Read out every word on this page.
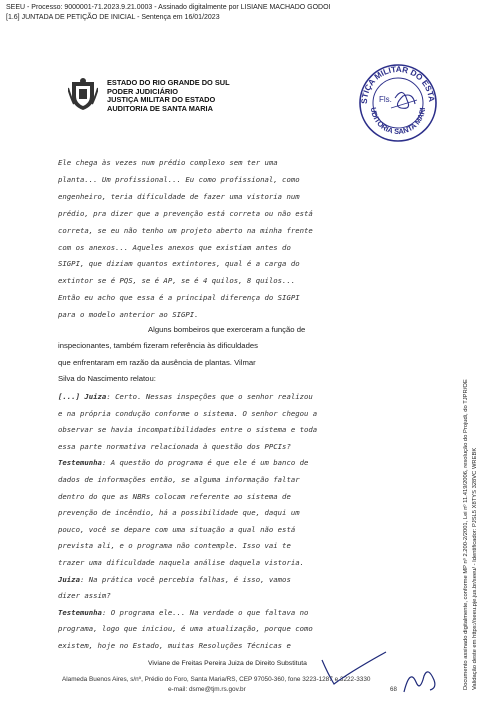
SEEU - Processo: 9000001-71.2023.9.21.0003 - Assinado digitalmente por LISIANE MACHADO GODOI
[1.6] JUNTADA DE PETIÇÃO DE INICIAL - Sentença em 16/01/2023
ESTADO DO RIO GRANDE DO SUL
PODER JUDICIÁRIO
JUSTIÇA MILITAR DO ESTADO
AUDITORIA DE SANTA MARIA
STIÇA MILITAR DO ESTA
UDITORIA SANTA MARI
Fls.
Ele chega às vezes num prédio complexo sem ter uma
planta... Um profissional... Eu como profissional, como
engenheiro, teria dificuldade de fazer uma vistoria num
prédio, pra dizer que a prevenção está correta ou não está
correta, se eu não tenho um projeto aberto na minha frente
com os anexos... Aqueles anexos que existiam antes do
SIGPI, que diziam quantos extintores, qual é a carga do
extintor se é PQS, se é AP, se é 4 quilos, 8 quilos...
Então eu acho que essa é a principal diferença do SIGPI
para o modelo anterior ao SIGPI.
Alguns bombeiros que exerceram a função de
inspecionantes, também fizeram referência às dificuldades
que enfrentaram em razão da ausência de plantas. Vilmar
Silva do Nascimento relatou:
[...] Juiza: Certo. Nessas inspeções que o senhor realizou
e na própria condução conforme o sistema. O senhor chegou a
observar se havia incompatibilidades entre o sistema e toda
essa parte normativa relacionada à questão dos PPCIs?
Testemunha: A questão do programa é que ele é um banco de
dados de informações então, se alguma informação faltar
dentro do que as NBRs colocam referente ao sistema de
prevenção de incêndio, há a possibilidade que, daqui um
pouco, você se depare com uma situação a qual não está
prevista ali, e o programa não contemple. Isso vai te
trazer uma dificuldade naquela análise daquela vistoria.
Juiza: Na prática você percebia falhas, é isso, vamos
dizer assim?
Testemunha: O programa ele... Na verdade o que faltava no
programa, logo que iniciou, é uma atualização, porque como
existem, hoje no Estado, muitas Resoluções Técnicas e
Viviane de Freitas Pereira Juiza de Direito Substituta
Alameda Buenos Aires, s/nº, Prédio do Foro, Santa Maria/RS, CEP 97050-360, fone 3223-1287 e 3222-3330
e-mail: dsme@tjm.rs.gov.br	68	Documento assinado digitalmente, conforme MP nº 2.200-2/2001, Lei nº 11.419/2006, resolução do Projudi, do TJPR/OE Validação deste em https://seeu.pje.jus.br/seeu/ - Identificador: PJSL5 X8TYS 328VC WREBK
